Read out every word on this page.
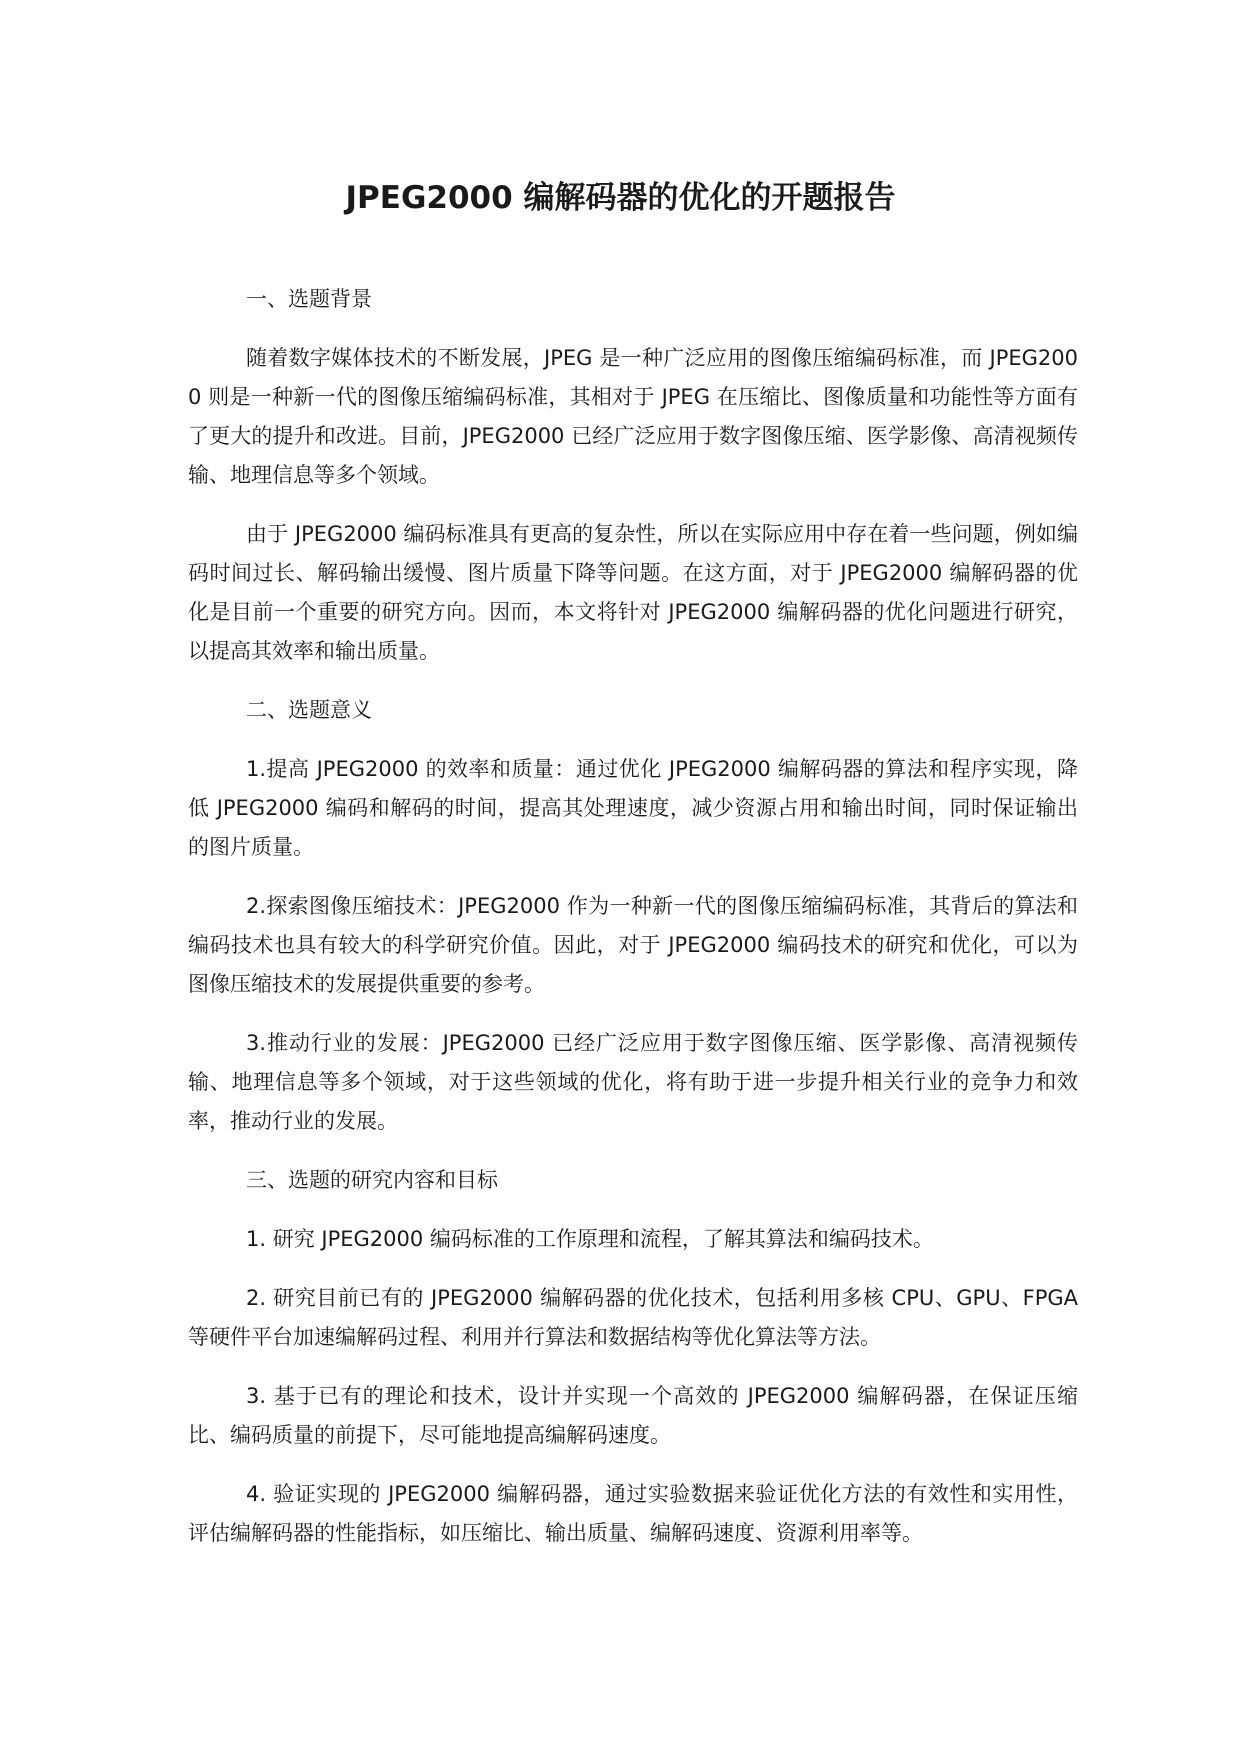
JPEG2000 编解码器的优化的开题报告
一、选题背景
随着数字媒体技术的不断发展，JPEG 是一种广泛应用的图像压缩编码标准，而 JPEG2000 则是一种新一代的图像压缩编码标准，其相对于 JPEG 在压缩比、图像质量和功能性等方面有了更大的提升和改进。目前，JPEG2000 已经广泛应用于数字图像压缩、医学影像、高清视频传输、地理信息等多个领域。
由于 JPEG2000 编码标准具有更高的复杂性，所以在实际应用中存在着一些问题，例如编码时间过长、解码输出缓慢、图片质量下降等问题。在这方面，对于 JPEG2000 编解码器的优化是目前一个重要的研究方向。因而，本文将针对 JPEG2000 编解码器的优化问题进行研究，以提高其效率和输出质量。
二、选题意义
1.提高 JPEG2000 的效率和质量：通过优化 JPEG2000 编解码器的算法和程序实现，降低 JPEG2000 编码和解码的时间，提高其处理速度，减少资源占用和输出时间，同时保证输出的图片质量。
2.探索图像压缩技术：JPEG2000 作为一种新一代的图像压缩编码标准，其背后的算法和编码技术也具有较大的科学研究价值。因此，对于 JPEG2000 编码技术的研究和优化，可以为图像压缩技术的发展提供重要的参考。
3.推动行业的发展：JPEG2000 已经广泛应用于数字图像压缩、医学影像、高清视频传输、地理信息等多个领域，对于这些领域的优化，将有助于进一步提升相关行业的竞争力和效率，推动行业的发展。
三、选题的研究内容和目标
1. 研究 JPEG2000 编码标准的工作原理和流程，了解其算法和编码技术。
2. 研究目前已有的 JPEG2000 编解码器的优化技术，包括利用多核 CPU、GPU、FPGA 等硬件平台加速编解码过程、利用并行算法和数据结构等优化算法等方法。
3. 基于已有的理论和技术，设计并实现一个高效的 JPEG2000 编解码器，在保证压缩比、编码质量的前提下，尽可能地提高编解码速度。
4. 验证实现的 JPEG2000 编解码器，通过实验数据来验证优化方法的有效性和实用性，评估编解码器的性能指标，如压缩比、输出质量、编解码速度、资源利用率等。
